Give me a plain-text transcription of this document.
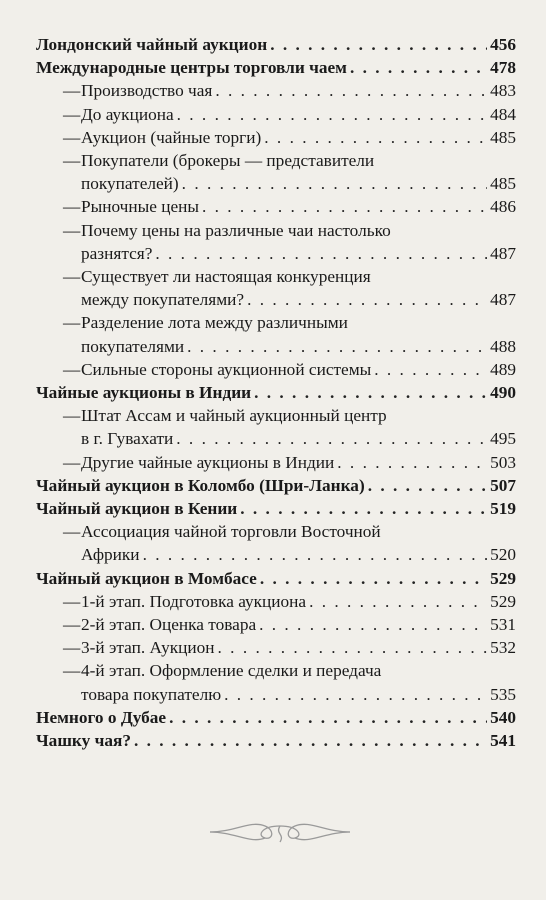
Лондонский чайный аукцион . . .	456
Международные центры торговли чаем . . .	478
— Производство чая . . .	483
— До аукциона . . .	484
— Аукцион (чайные торги) . . .	485
— Покупатели (брокеры — представители
покупателей) . . .	485
— Рыночные цены . . .	486
— Почему цены на различные чаи настолько
разнятся? . . .	487
— Существует ли настоящая конкуренция
между покупателями? . . .	487
— Разделение лота между различными
покупателями . . .	488
— Сильные стороны аукционной системы . . .	489
Чайные аукционы в Индии . . .	490
— Штат Ассам и чайный аукционный центр
в г. Гувахати . . .	495
— Другие чайные аукционы в Индии . . .	503
Чайный аукцион в Коломбо (Шри-Ланка) . . .	507
Чайный аукцион в Кении . . .	519
— Ассоциация чайной торговли Восточной
Африки . . .	520
Чайный аукцион в Момбасе . . .	529
— 1-й этап. Подготовка аукциона . . .	529
— 2-й этап. Оценка товара . . .	531
— 3-й этап. Аукцион . . .	532
— 4-й этап. Оформление сделки и передача
товара покупателю . . .	535
Немного о Дубае . . .	540
Чашку чая? . . .	541
